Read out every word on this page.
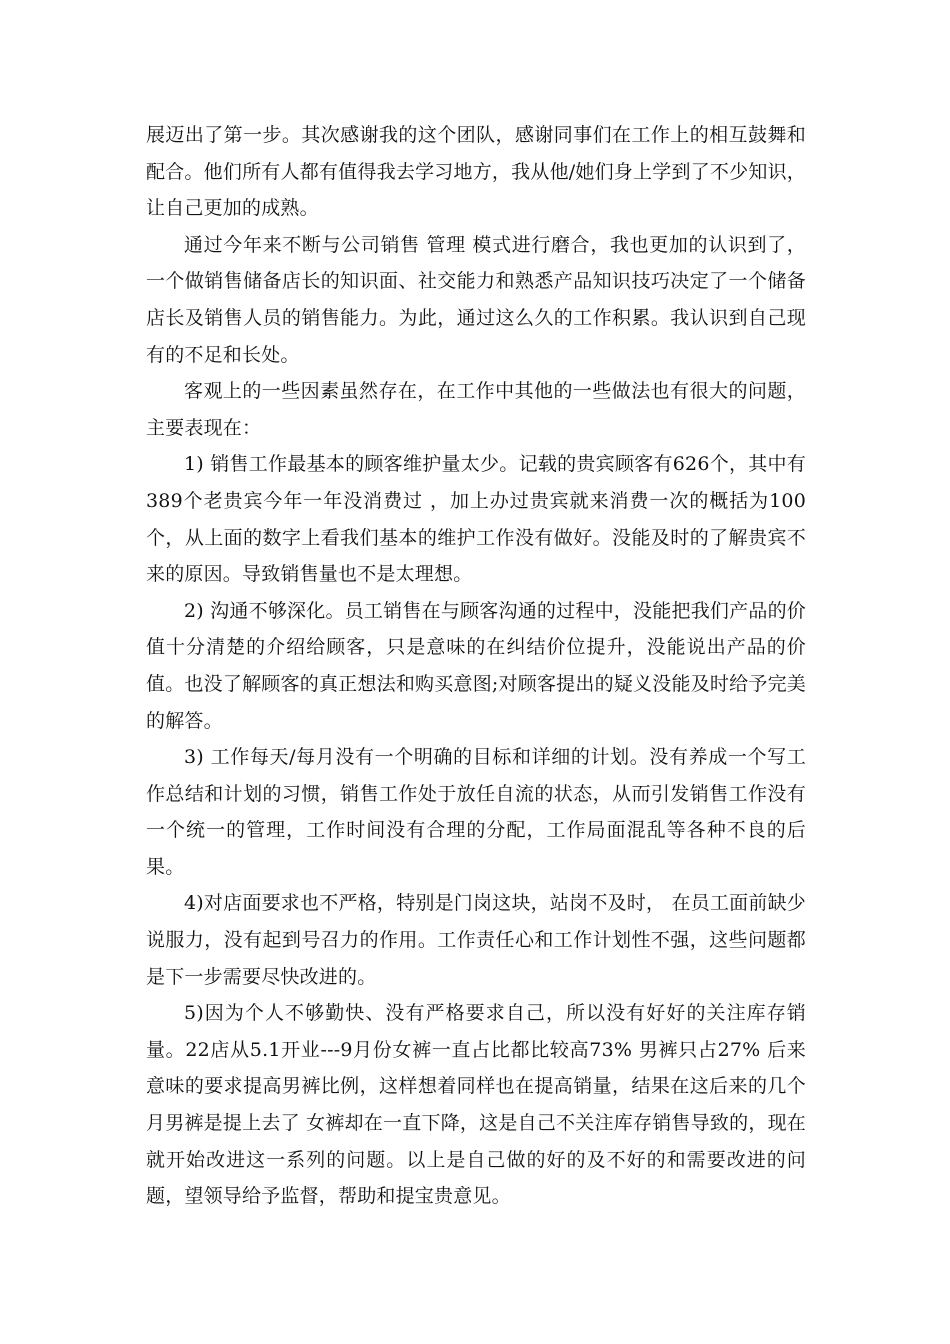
展迈出了第一步。其次感谢我的这个团队，感谢同事们在工作上的相互鼓舞和配合。他们所有人都有值得我去学习地方，我从他/她们身上学到了不少知识，让自己更加的成熟。

通过今年来不断与公司销售 管理 模式进行磨合，我也更加的认识到了，一个做销售储备店长的知识面、社交能力和熟悉产品知识技巧决定了一个储备店长及销售人员的销售能力。为此，通过这么久的工作积累。我认识到自己现有的不足和长处。

客观上的一些因素虽然存在，在工作中其他的一些做法也有很大的问题，主要表现在：

1) 销售工作最基本的顾客维护量太少。记载的贵宾顾客有626个，其中有389个老贵宾今年一年没消费过 ，加上办过贵宾就来消费一次的概括为100个，从上面的数字上看我们基本的维护工作没有做好。没能及时的了解贵宾不来的原因。导致销售量也不是太理想。

2) 沟通不够深化。员工销售在与顾客沟通的过程中，没能把我们产品的价值十分清楚的介绍给顾客，只是意味的在纠结价位提升，没能说出产品的价值。也没了解顾客的真正想法和购买意图;对顾客提出的疑义没能及时给予完美的解答。

3) 工作每天/每月没有一个明确的目标和详细的计划。没有养成一个写工作总结和计划的习惯，销售工作处于放任自流的状态，从而引发销售工作没有一个统一的管理，工作时间没有合理的分配，工作局面混乱等各种不良的后果。

4)对店面要求也不严格，特别是门岗这块，站岗不及时， 在员工面前缺少说服力，没有起到号召力的作用。工作责任心和工作计划性不强，这些问题都是下一步需要尽快改进的。

5)因为个人不够勤快、没有严格要求自己，所以没有好好的关注库存销量。22店从5.1开业---9月份女裤一直占比都比较高73% 男裤只占27% 后来意味的要求提高男裤比例，这样想着同样也在提高销量，结果在这后来的几个月男裤是提上去了 女裤却在一直下降，这是自己不关注库存销售导致的，现在就开始改进这一系列的问题。以上是自己做的好的及不好的和需要改进的问题，望领导给予监督，帮助和提宝贵意见。
